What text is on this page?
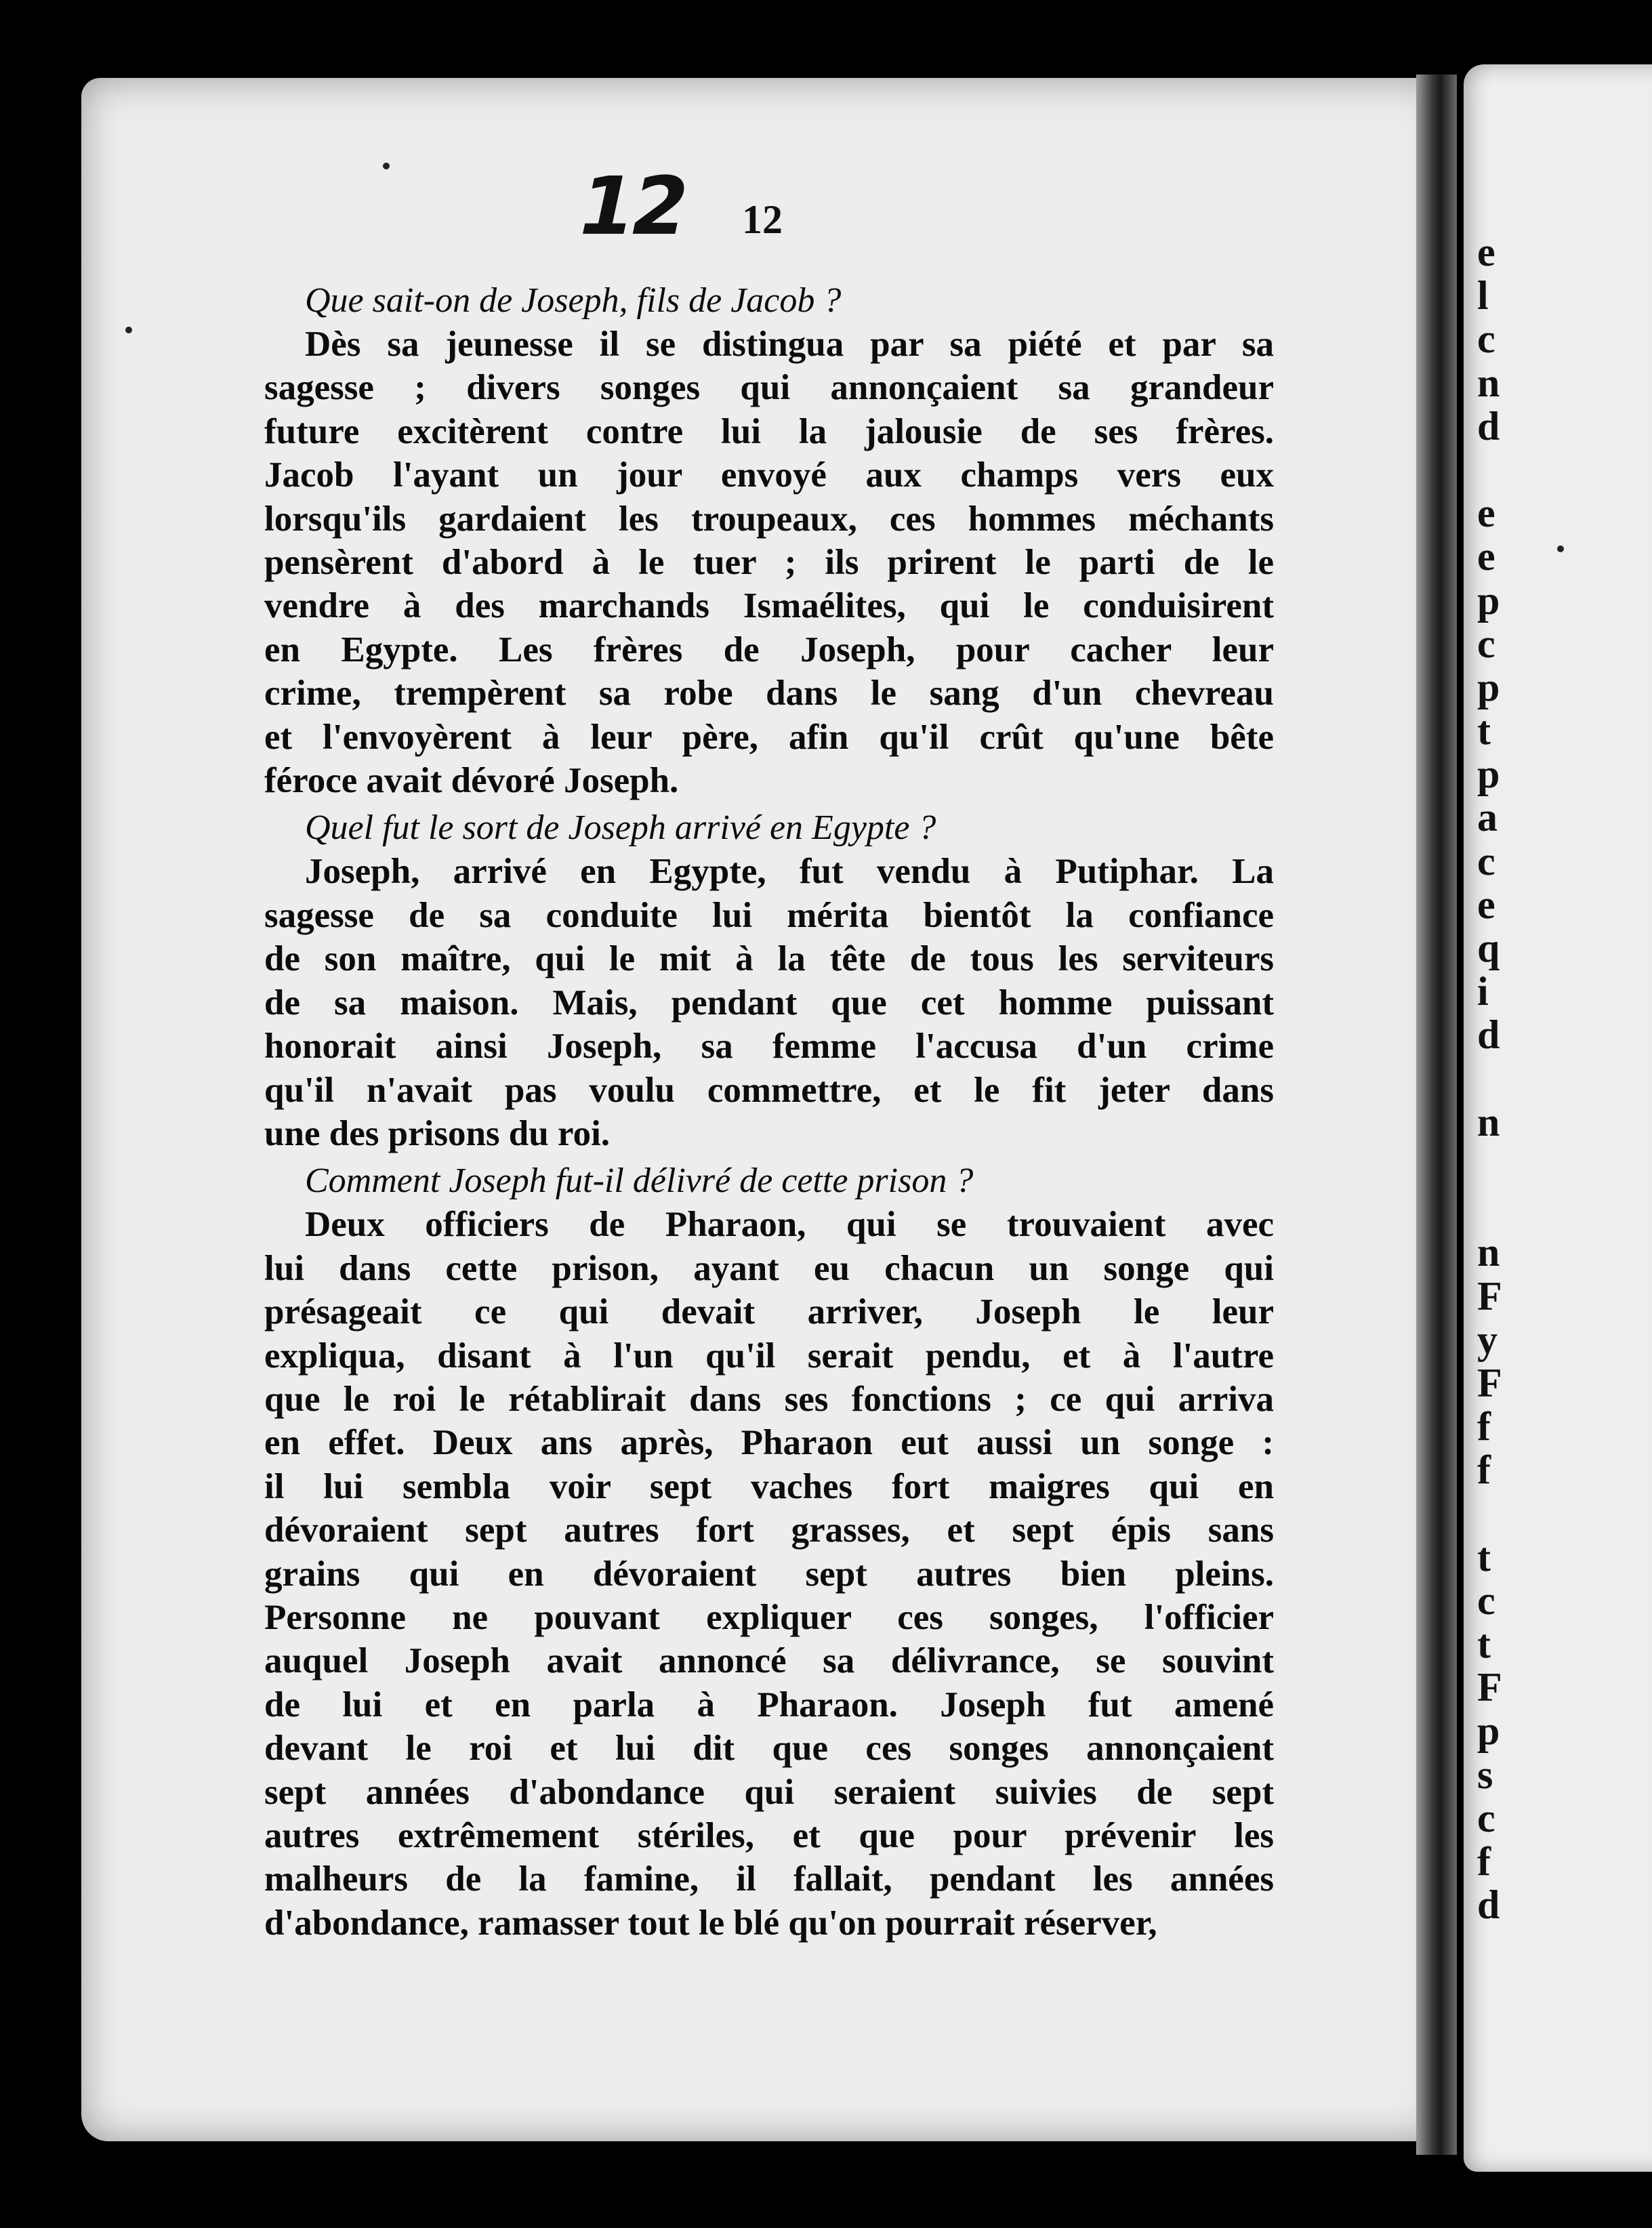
e
l
c
n
d

e
e
p
c
p
t
p
a
c
e
q
i
d

n

n
F
y
F
f
f

t
c
t
F
p
s
c
f
d
12 12
Que sait-on de Joseph, fils de Jacob ?
Dès sa jeunesse il se distingua par sa piété et par sa
sagesse ; divers songes qui annonçaient sa grandeur
future excitèrent contre lui la jalousie de ses frères.
Jacob l'ayant un jour envoyé aux champs vers eux
lorsqu'ils gardaient les troupeaux, ces hommes méchants
pensèrent d'abord à le tuer ; ils prirent le parti de le
vendre à des marchands Ismaélites, qui le conduisirent
en Egypte. Les frères de Joseph, pour cacher leur
crime, trempèrent sa robe dans le sang d'un chevreau
et l'envoyèrent à leur père, afin qu'il crût qu'une bête
féroce avait dévoré Joseph.
Quel fut le sort de Joseph arrivé en Egypte ?
Joseph, arrivé en Egypte, fut vendu à Putiphar. La
sagesse de sa conduite lui mérita bientôt la confiance
de son maître, qui le mit à la tête de tous les serviteurs
de sa maison. Mais, pendant que cet homme puissant
honorait ainsi Joseph, sa femme l'accusa d'un crime
qu'il n'avait pas voulu commettre, et le fit jeter dans
une des prisons du roi.
Comment Joseph fut-il délivré de cette prison ?
Deux officiers de Pharaon, qui se trouvaient avec
lui dans cette prison, ayant eu chacun un songe qui
présageait ce qui devait arriver, Joseph le leur
expliqua, disant à l'un qu'il serait pendu, et à l'autre
que le roi le rétablirait dans ses fonctions ; ce qui arriva
en effet. Deux ans après, Pharaon eut aussi un songe :
il lui sembla voir sept vaches fort maigres qui en
dévoraient sept autres fort grasses, et sept épis sans
grains qui en dévoraient sept autres bien pleins.
Personne ne pouvant expliquer ces songes, l'officier
auquel Joseph avait annoncé sa délivrance, se souvint
de lui et en parla à Pharaon. Joseph fut amené
devant le roi et lui dit que ces songes annonçaient
sept années d'abondance qui seraient suivies de sept
autres extrêmement stériles, et que pour prévenir les
malheurs de la famine, il fallait, pendant les années
d'abondance, ramasser tout le blé qu'on pourrait réserver,
